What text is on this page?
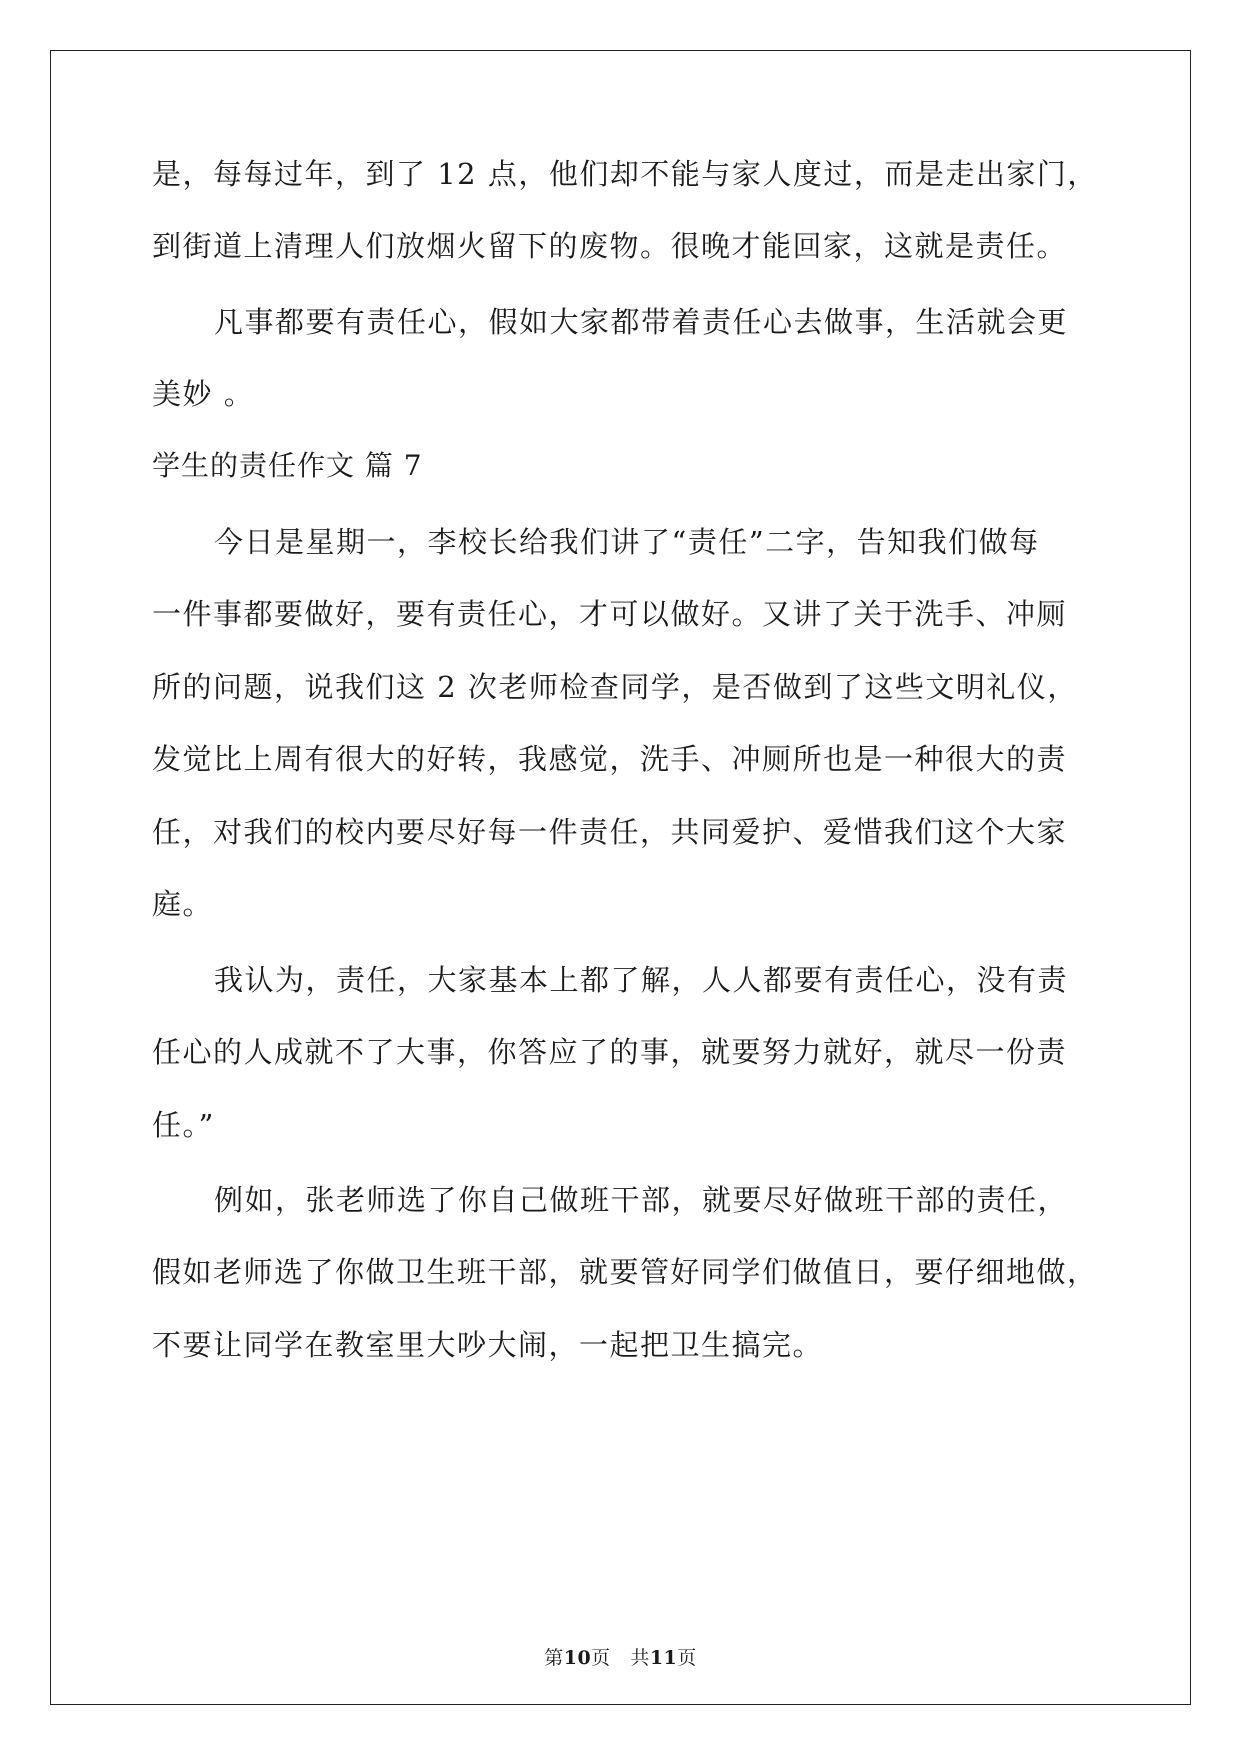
是，每每过年，到了 12 点，他们却不能与家人度过，而是走出家门，
到街道上清理人们放烟火留下的废物。很晚才能回家，这就是责任。
凡事都要有责任心，假如大家都带着责任心去做事，生活就会更
美妙 。
学生的责任作文 篇 7
今日是星期一，李校长给我们讲了“责任”二字，告知我们做每
一件事都要做好，要有责任心，才可以做好。又讲了关于洗手、冲厕
所的问题，说我们这 2 次老师检查同学，是否做到了这些文明礼仪，
发觉比上周有很大的好转，我感觉，洗手、冲厕所也是一种很大的责
任，对我们的校内要尽好每一件责任，共同爱护、爱惜我们这个大家
庭。
我认为，责任，大家基本上都了解，人人都要有责任心，没有责
任心的人成就不了大事，你答应了的事，就要努力就好，就尽一份责
任。”
例如，张老师选了你自己做班干部，就要尽好做班干部的责任，
假如老师选了你做卫生班干部，就要管好同学们做值日，要仔细地做，
不要让同学在教室里大吵大闹，一起把卫生搞完。
第10页 共11页
